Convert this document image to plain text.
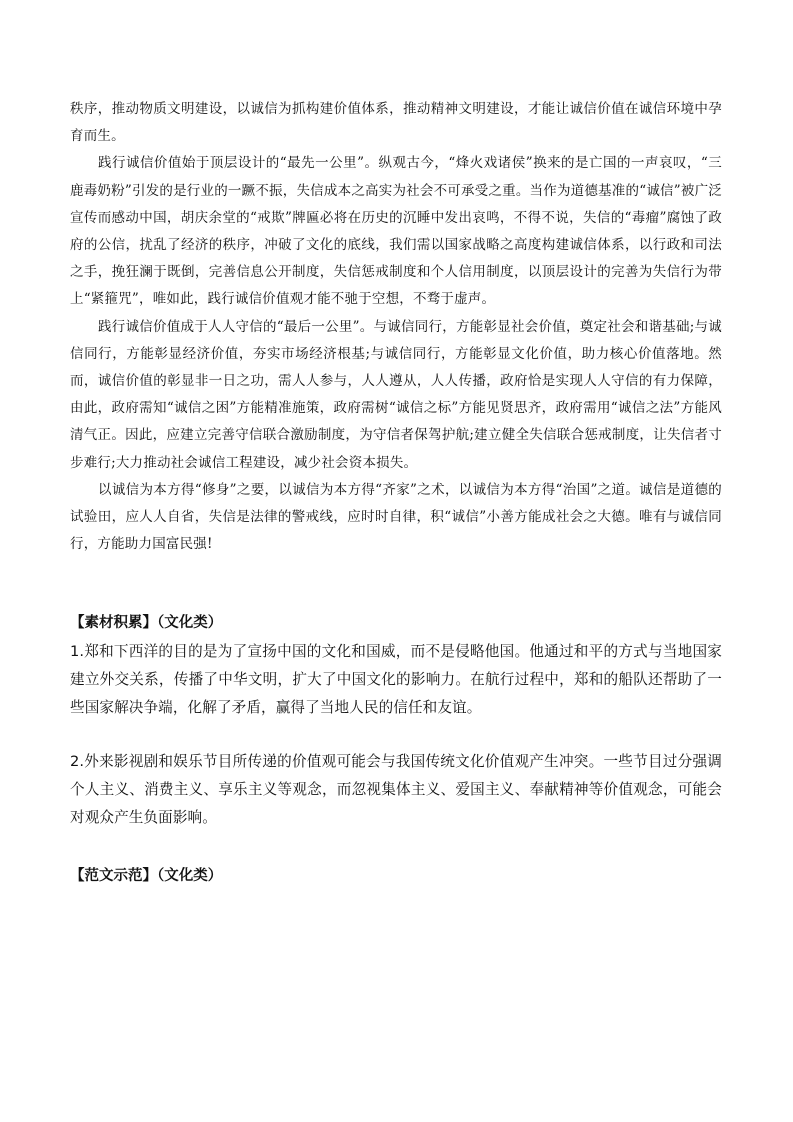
秩序，推动物质文明建设，以诚信为抓构建价值体系，推动精神文明建设，才能让诚信价值在诚信环境中孕育而生。

践行诚信价值始于顶层设计的“最先一公里”。纵观古今，“烽火戏诸侯”换来的是亡国的一声哀叹，“三鹿毒奶粉”引发的是行业的一蹶不振，失信成本之高实为社会不可承受之重。当作为道德基准的“诚信”被广泛宣传而感动中国，胡庆余堂的“戒欺”牌匾必将在历史的沉睡中发出哀鸣，不得不说，失信的“毒瘤”腐蚀了政府的公信，扰乱了经济的秩序，冲破了文化的底线，我们需以国家战略之高度构建诚信体系，以行政和司法之手，挽狂澜于既倒，完善信息公开制度，失信惩戒制度和个人信用制度，以顶层设计的完善为失信行为带上“紧箍咒”，唯如此，践行诚信价值观才能不驰于空想，不骛于虚声。

践行诚信价值成于人人守信的“最后一公里”。与诚信同行，方能彰显社会价值，奠定社会和谐基础;与诚信同行，方能彰显经济价值，夯实市场经济根基;与诚信同行，方能彰显文化价值，助力核心价值落地。然而，诚信价值的彰显非一日之功，需人人参与，人人遵从，人人传播，政府恰是实现人人守信的有力保障，由此，政府需知“诚信之困”方能精准施策，政府需树“诚信之标”方能见贤思齐，政府需用“诚信之法”方能风清气正。因此，应建立完善守信联合激励制度，为守信者保驾护航;建立健全失信联合惩戒制度，让失信者寸步难行;大力推动社会诚信工程建设，减少社会资本损失。

以诚信为本方得“修身”之要，以诚信为本方得“齐家”之术，以诚信为本方得“治国”之道。诚信是道德的试验田，应人人自省，失信是法律的警戒线，应时时自律，积“诚信”小善方能成社会之大德。唯有与诚信同行，方能助力国富民强!

【素材积累】（文化类）

1.郑和下西洋的目的是为了宣扬中国的文化和国威，而不是侵略他国。他通过和平的方式与当地国家建立外交关系，传播了中华文明，扩大了中国文化的影响力。在航行过程中，郑和的船队还帮助了一些国家解决争端，化解了矛盾，赢得了当地人民的信任和友谊。

2.外来影视剧和娱乐节目所传递的价值观可能会与我国传统文化价值观产生冲突。一些节目过分强调个人主义、消费主义、享乐主义等观念，而忽视集体主义、爱国主义、奉献精神等价值观念，可能会对观众产生负面影响。

【范文示范】（文化类）
